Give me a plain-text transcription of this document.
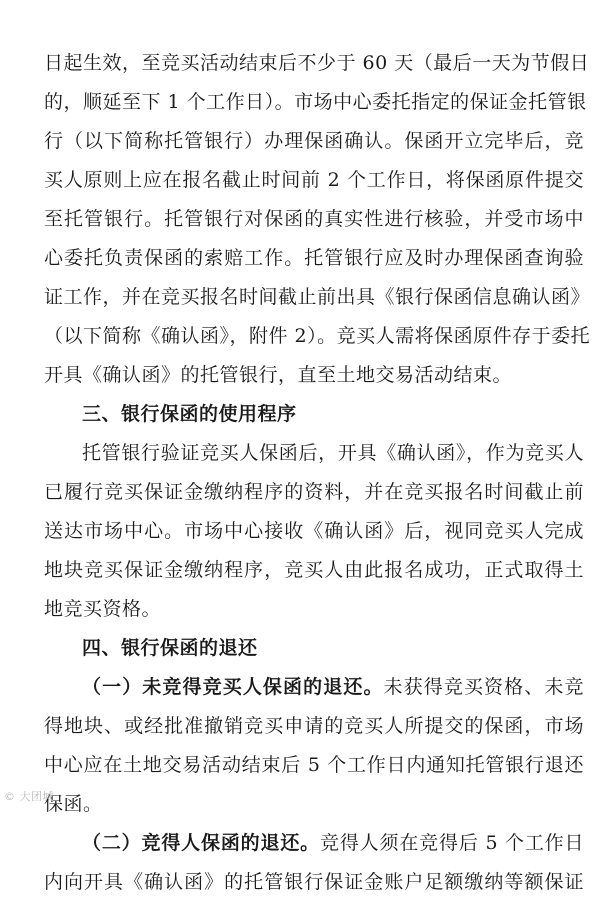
日起生效，至竞买活动结束后不少于 60 天（最后一天为节假日
的，顺延至下 1 个工作日）。市场中心委托指定的保证金托管银
行（以下简称托管银行）办理保函确认。保函开立完毕后，竞
买人原则上应在报名截止时间前 2 个工作日，将保函原件提交
至托管银行。托管银行对保函的真实性进行核验，并受市场中
心委托负责保函的索赔工作。托管银行应及时办理保函查询验
证工作，并在竞买报名时间截止前出具《银行保函信息确认函》
（以下简称《确认函》，附件 2）。竞买人需将保函原件存于委托
开具《确认函》的托管银行，直至土地交易活动结束。
三、银行保函的使用程序
托管银行验证竞买人保函后，开具《确认函》，作为竞买人
已履行竞买保证金缴纳程序的资料，并在竞买报名时间截止前
送达市场中心。市场中心接收《确认函》后，视同竞买人完成
地块竞买保证金缴纳程序，竞买人由此报名成功，正式取得土
地竞买资格。
四、银行保函的退还
（一）未竞得竞买人保函的退还。未获得竞买资格、未竞
得地块、或经批准撤销竞买申请的竞买人所提交的保函，市场
中心应在土地交易活动结束后 5 个工作日内通知托管银行退还
保函。
（二）竞得人保函的退还。竞得人须在竞得后 5 个工作日
内向开具《确认函》的托管银行保证金账户足额缴纳等额保证
© 大团城
